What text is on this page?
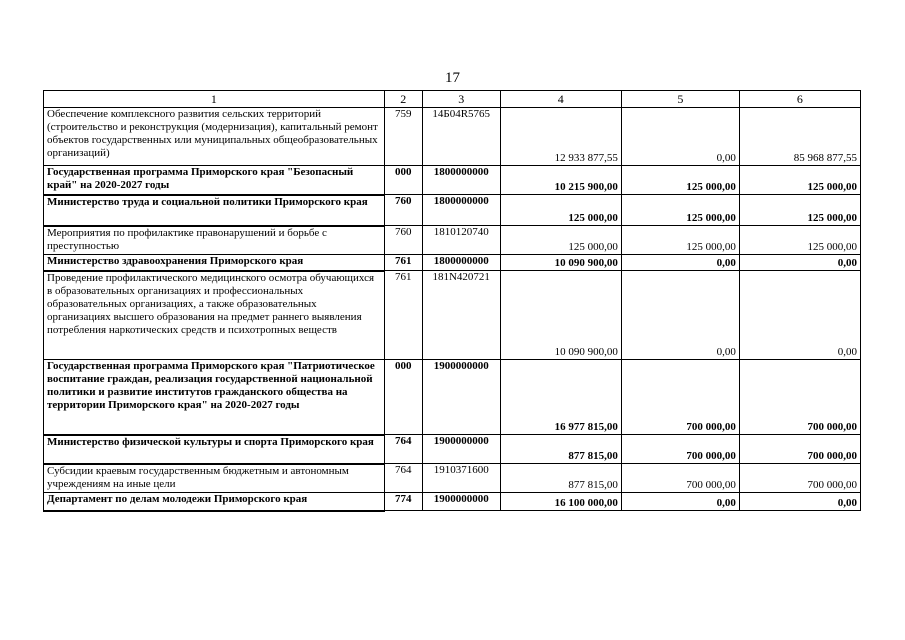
17
1	2	3	4	5	6
Обеспечение комплексного развития сельских территорий (строительство и реконструкция (модернизация), капитальный ремонт объектов государственных или муниципальных общеобразовательных организаций)	759	14Б04R5765	12 933 877,55	0,00	85 968 877,55
Государственная программа Приморского края "Безопасный край" на 2020-2027 годы	000	1800000000	10 215 900,00	125 000,00	125 000,00
Министерство труда и социальной политики Приморского края	760	1800000000	125 000,00	125 000,00	125 000,00
Мероприятия по профилактике правонарушений и борьбе с преступностью	760	1810120740	125 000,00	125 000,00	125 000,00
Министерство здравоохранения Приморского края	761	1800000000	10 090 900,00	0,00	0,00
Проведение профилактического медицинского осмотра обучающихся в образовательных организациях и профессиональных образовательных организациях, а также образовательных организациях высшего образования на предмет раннего выявления потребления наркотических средств и психотропных веществ	761	181N420721	10 090 900,00	0,00	0,00
Государственная программа Приморского края "Патриотическое воспитание граждан, реализация государственной национальной политики и развитие институтов гражданского общества на территории Приморского края" на 2020-2027 годы	000	1900000000	16 977 815,00	700 000,00	700 000,00
Министерство физической культуры и спорта Приморского края	764	1900000000	877 815,00	700 000,00	700 000,00
Субсидии краевым государственным бюджетным и автономным учреждениям на иные цели	764	1910371600	877 815,00	700 000,00	700 000,00
Департамент по делам молодежи Приморского края	774	1900000000	16 100 000,00	0,00	0,00
